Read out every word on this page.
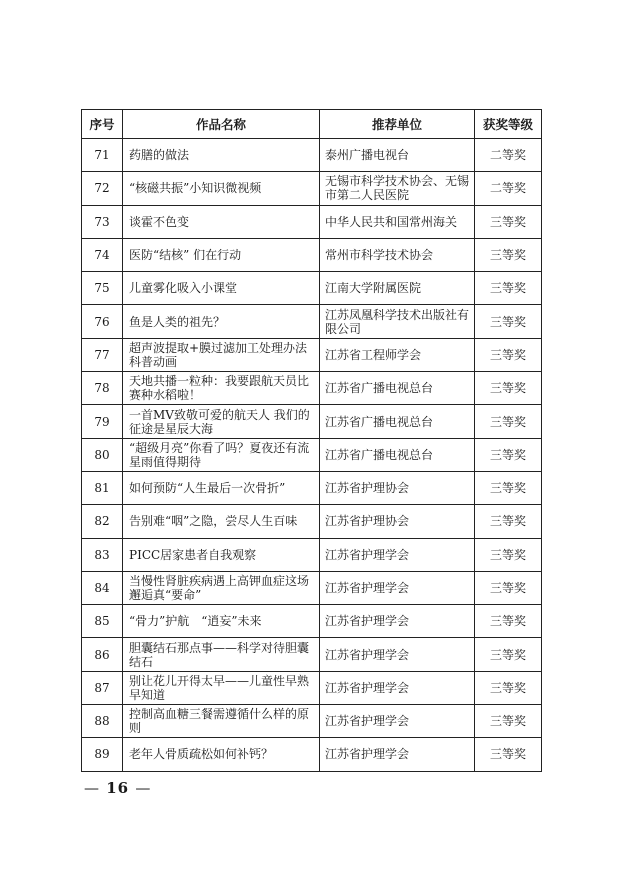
序号	作品名称	推荐单位	获奖等级
71	药膳的做法	泰州广播电视台	二等奖
72	“核磁共振”小知识微视频	无锡市科学技术协会、无锡市第二人民医院	二等奖
73	谈霍不色变	中华人民共和国常州海关	三等奖
74	医防“结核” 们在行动	常州市科学技术协会	三等奖
75	儿童雾化吸入小课堂	江南大学附属医院	三等奖
76	鱼是人类的祖先？	江苏凤凰科学技术出版社有限公司	三等奖
77	超声波提取+膜过滤加工处理办法科普动画	江苏省工程师学会	三等奖
78	天地共播一粒种：我要跟航天员比赛种水稻啦！	江苏省广播电视总台	三等奖
79	一首MV致敬可爱的航天人 我们的征途是星辰大海	江苏省广播电视总台	三等奖
80	“超级月亮”你看了吗？夏夜还有流星雨值得期待	江苏省广播电视总台	三等奖
81	如何预防“人生最后一次骨折”	江苏省护理协会	三等奖
82	告别难“咽”之隐，尝尽人生百味	江苏省护理协会	三等奖
83	PICC居家患者自我观察	江苏省护理学会	三等奖
84	当慢性肾脏疾病遇上高钾血症这场邂逅真“要命”	江苏省护理学会	三等奖
85	“骨力”护航　“逍妄”未来	江苏省护理学会	三等奖
86	胆囊结石那点事——科学对待胆囊结石	江苏省护理学会	三等奖
87	别让花儿开得太早——儿童性早熟早知道	江苏省护理学会	三等奖
88	控制高血糖三餐需遵循什么样的原则	江苏省护理学会	三等奖
89	老年人骨质疏松如何补钙？	江苏省护理学会	三等奖
— 16 —
